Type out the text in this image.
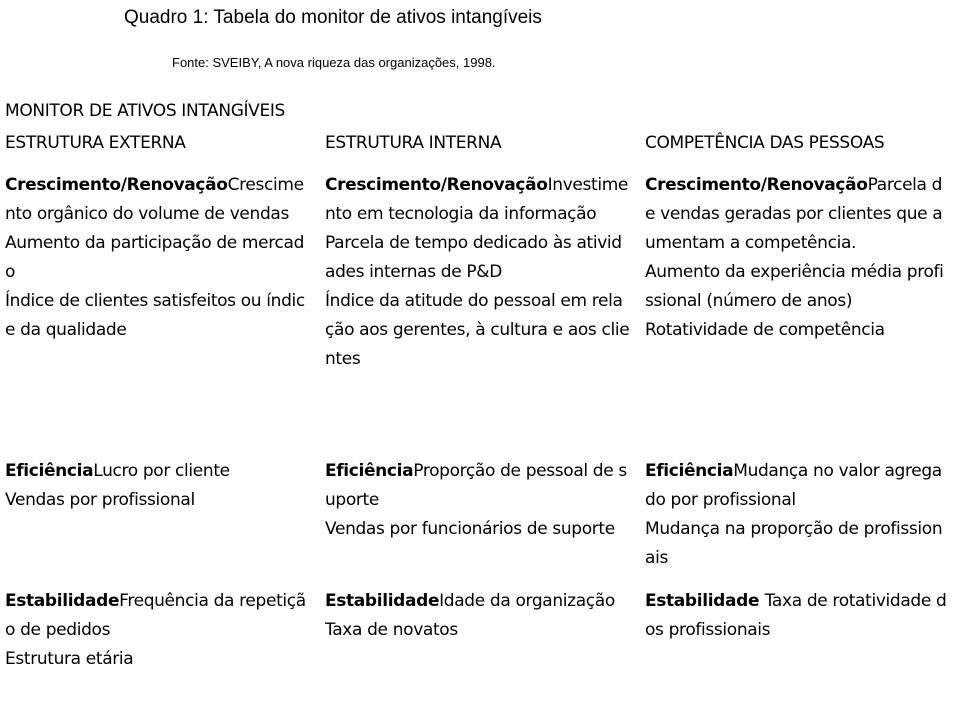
Quadro 1: Tabela do monitor de ativos intangíveis
Fonte: SVEIBY, A nova riqueza das organizações, 1998.
MONITOR DE ATIVOS INTANGÍVEIS
ESTRUTURA EXTERNA	ESTRUTURA INTERNA	COMPETÊNCIA DAS PESSOAS
Crescimento/RenovaçãoCrescimento orgânico do volume de vendas
Aumento da participação de mercado
Índice de clientes satisfeitos ou índice da qualidade
Crescimento/RenovaçãoInvestimento em tecnologia da informação
Parcela de tempo dedicado às atividades internas de P&D
Índice da atitude do pessoal em relação aos gerentes, à cultura e aos clientes
Crescimento/RenovaçãoParcela de vendas geradas por clientes que aumentam a competência.
Aumento da experiência média profissional (número de anos)
Rotatividade de competência
EficiênciaLucro por cliente
Vendas por profissional
EficiênciaProporção de pessoal de suporte
Vendas por funcionários de suporte
EficiênciaMudança no valor agregado por profissional
Mudança na proporção de profissionais
EstabilidadeFrequência da repetição de pedidos
Estrutura etária
EstabilidadeIdade da organização
Taxa de novatos
Estabilidade Taxa de rotatividade dos profissionais
